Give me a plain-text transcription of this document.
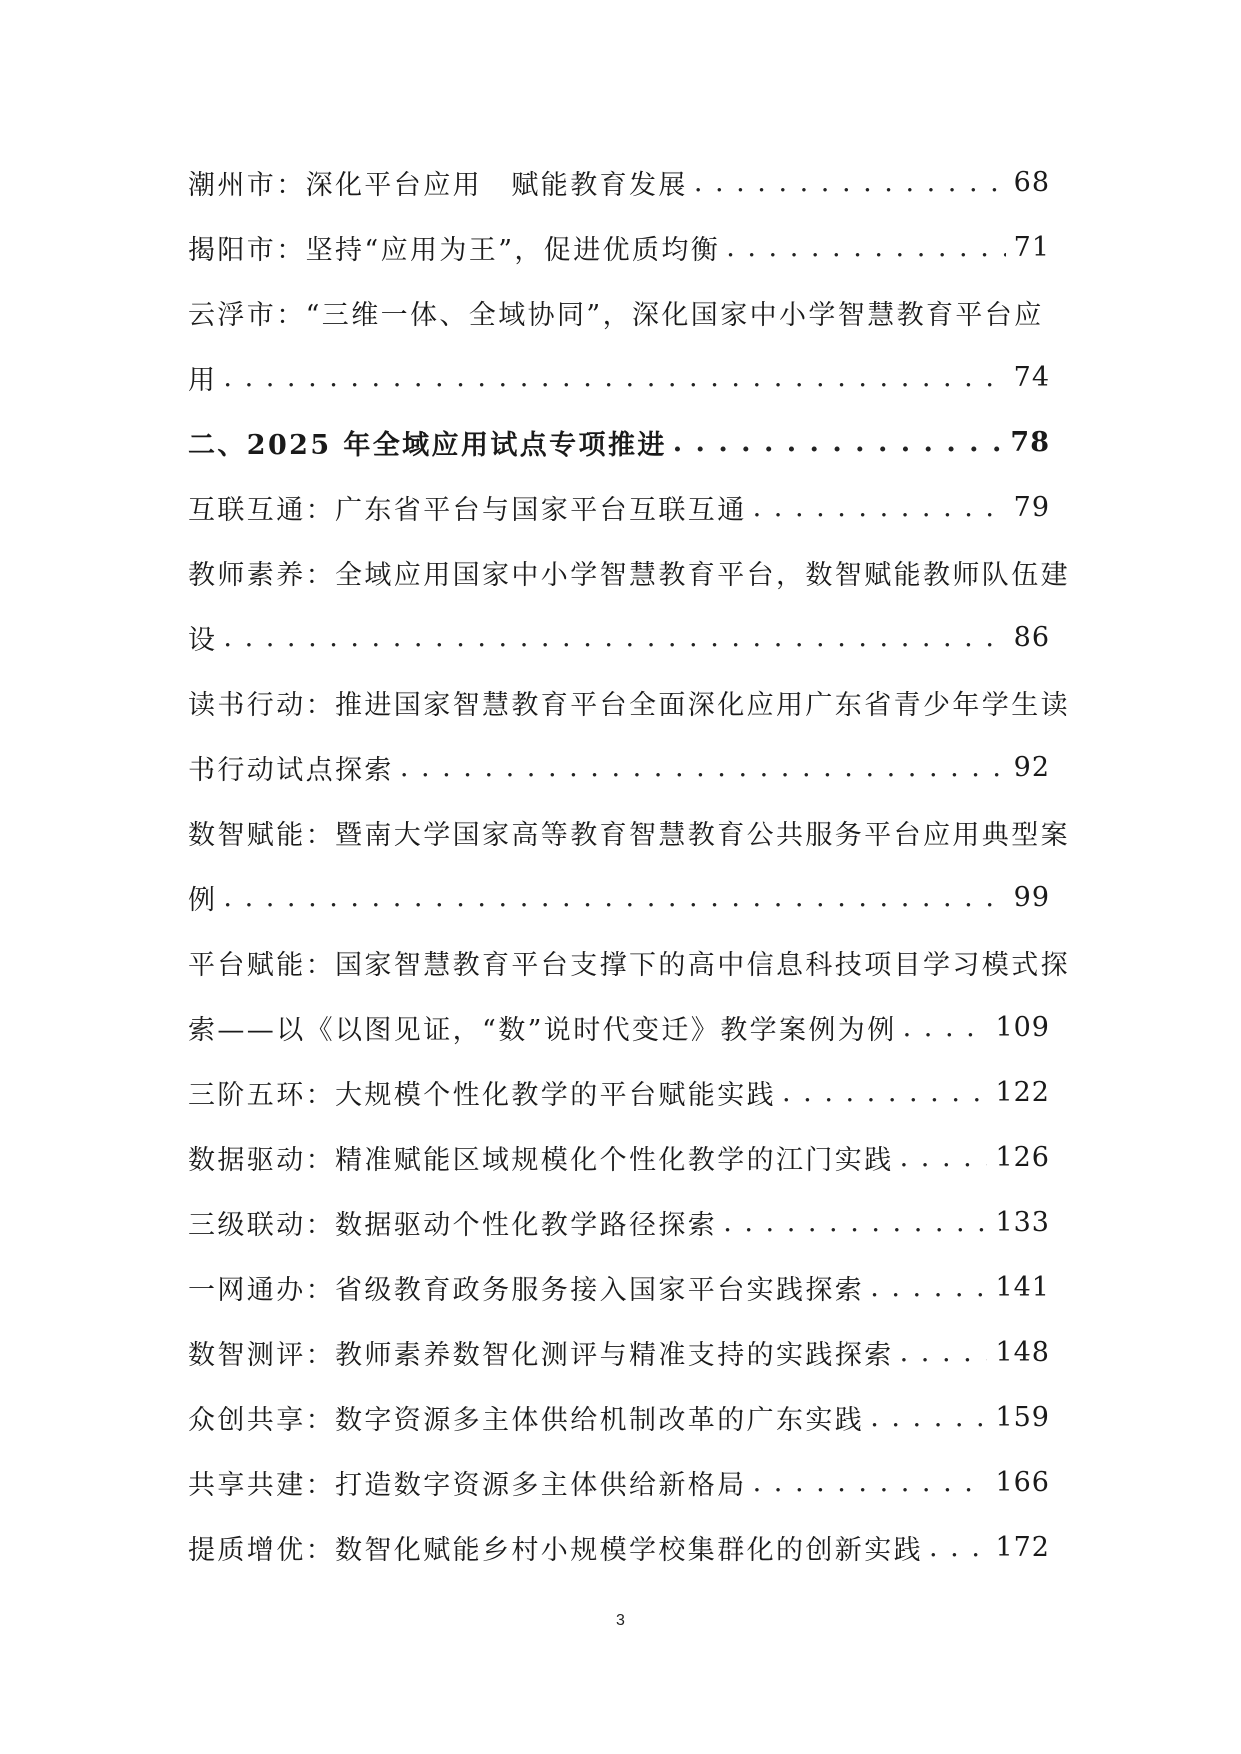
潮州市：深化平台应用　赋能教育发展 . . .	68
揭阳市：坚持“应用为王”，促进优质均衡 . . .	71
云浮市：“三维一体、全域协同”，深化国家中小学智慧教育平台应
用 . . .	74
二、2025 年全域应用试点专项推进 . . .	78
互联互通：广东省平台与国家平台互联互通 . . .	79
教师素养：全域应用国家中小学智慧教育平台，数智赋能教师队伍建
设 . . .	86
读书行动：推进国家智慧教育平台全面深化应用广东省青少年学生读
书行动试点探索 . . .	92
数智赋能：暨南大学国家高等教育智慧教育公共服务平台应用典型案
例 . . .	99
平台赋能：国家智慧教育平台支撑下的高中信息科技项目学习模式探
索——以《以图见证，“数”说时代变迁》教学案例为例 . . .	109
三阶五环：大规模个性化教学的平台赋能实践 . . .	122
数据驱动：精准赋能区域规模化个性化教学的江门实践 . . .	126
三级联动：数据驱动个性化教学路径探索 . . .	133
一网通办：省级教育政务服务接入国家平台实践探索 . . .	141
数智测评：教师素养数智化测评与精准支持的实践探索 . . .	148
众创共享：数字资源多主体供给机制改革的广东实践 . . .	159
共享共建：打造数字资源多主体供给新格局 . . .	166
提质增优：数智化赋能乡村小规模学校集群化的创新实践 . . .	172
3
